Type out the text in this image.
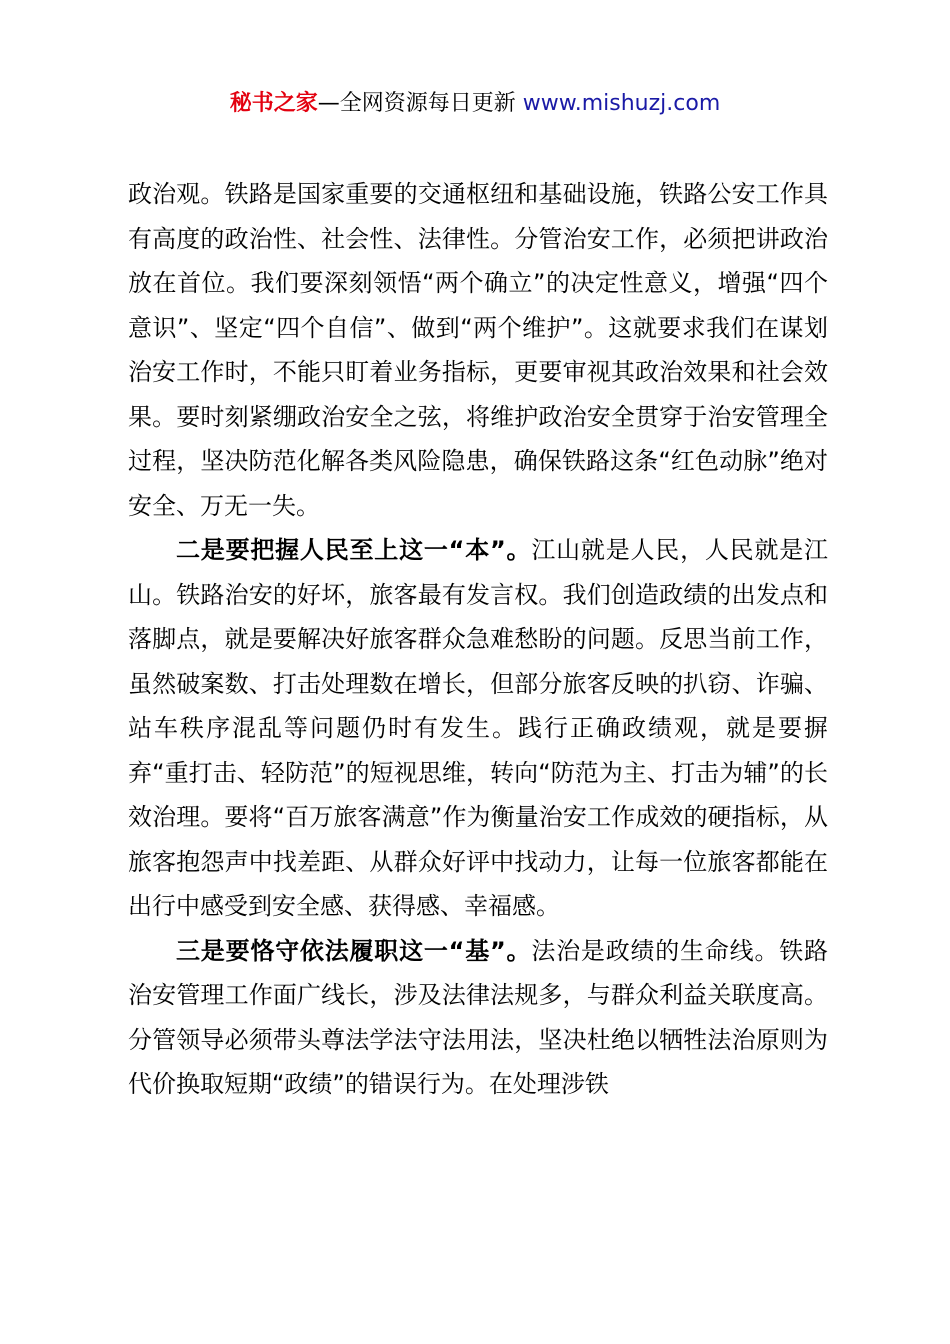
秘书之家—全网资源每日更新 www.mishuzj.com

政治观。铁路是国家重要的交通枢纽和基础设施，铁路公安工作具有高度的政治性、社会性、法律性。分管治安工作，必须把讲政治放在首位。我们要深刻领悟“两个确立”的决定性意义，增强“四个意识”、坚定“四个自信”、做到“两个维护”。这就要求我们在谋划治安工作时，不能只盯着业务指标，更要审视其政治效果和社会效果。要时刻紧绷政治安全之弦，将维护政治安全贯穿于治安管理全过程，坚决防范化解各类风险隐患，确保铁路这条“红色动脉”绝对安全、万无一失。

二是要把握人民至上这一“本”。江山就是人民，人民就是江山。铁路治安的好坏，旅客最有发言权。我们创造政绩的出发点和落脚点，就是要解决好旅客群众急难愁盼的问题。反思当前工作，虽然破案数、打击处理数在增长，但部分旅客反映的扒窃、诈骗、站车秩序混乱等问题仍时有发生。践行正确政绩观，就是要摒弃“重打击、轻防范”的短视思维，转向“防范为主、打击为辅”的长效治理。要将“百万旅客满意”作为衡量治安工作成效的硬指标，从旅客抱怨声中找差距、从群众好评中找动力，让每一位旅客都能在出行中感受到安全感、获得感、幸福感。

三是要恪守依法履职这一“基”。法治是政绩的生命线。铁路治安管理工作面广线长，涉及法律法规多，与群众利益关联度高。分管领导必须带头尊法学法守法用法，坚决杜绝以牺牲法治原则为代价换取短期“政绩”的错误行为。在处理涉铁
